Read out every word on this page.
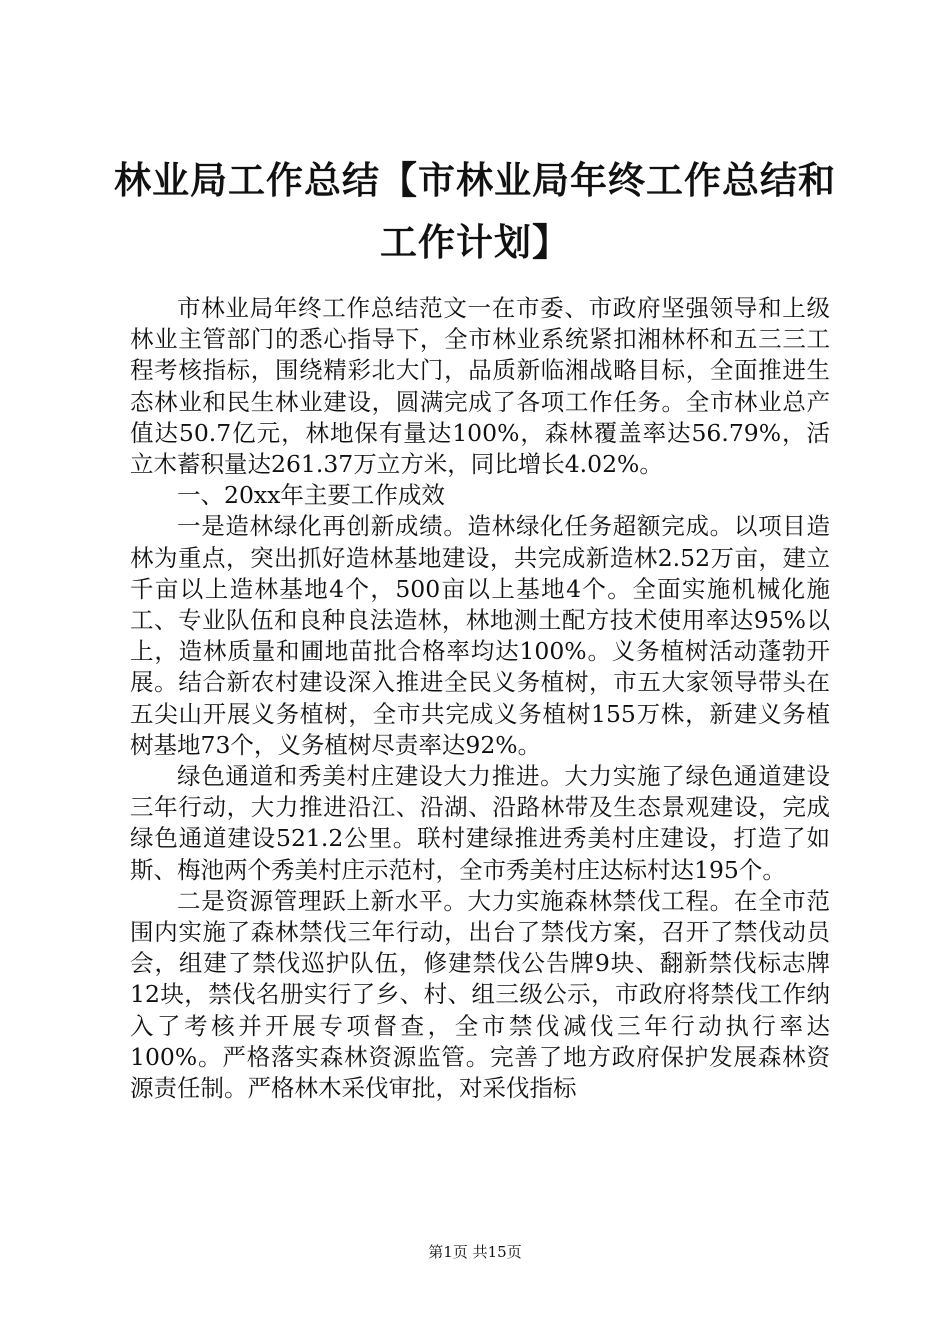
林业局工作总结【市林业局年终工作总结和工作计划】

市林业局年终工作总结范文一在市委、市政府坚强领导和上级林业主管部门的悉心指导下，全市林业系统紧扣湘林杯和五三三工程考核指标，围绕精彩北大门，品质新临湘战略目标，全面推进生态林业和民生林业建设，圆满完成了各项工作任务。全市林业总产值达50.7亿元，林地保有量达100%，森林覆盖率达56.79%，活立木蓄积量达261.37万立方米，同比增长4.02%。

一、20xx年主要工作成效

一是造林绿化再创新成绩。造林绿化任务超额完成。以项目造林为重点，突出抓好造林基地建设，共完成新造林2.52万亩，建立千亩以上造林基地4个，500亩以上基地4个。全面实施机械化施工、专业队伍和良种良法造林，林地测土配方技术使用率达95%以上，造林质量和圃地苗批合格率均达100%。义务植树活动蓬勃开展。结合新农村建设深入推进全民义务植树，市五大家领导带头在五尖山开展义务植树，全市共完成义务植树155万株，新建义务植树基地73个，义务植树尽责率达92%。

绿色通道和秀美村庄建设大力推进。大力实施了绿色通道建设三年行动，大力推进沿江、沿湖、沿路林带及生态景观建设，完成绿色通道建设521.2公里。联村建绿推进秀美村庄建设，打造了如斯、梅池两个秀美村庄示范村，全市秀美村庄达标村达195个。

二是资源管理跃上新水平。大力实施森林禁伐工程。在全市范围内实施了森林禁伐三年行动，出台了禁伐方案，召开了禁伐动员会，组建了禁伐巡护队伍，修建禁伐公告牌9块、翻新禁伐标志牌12块，禁伐名册实行了乡、村、组三级公示，市政府将禁伐工作纳入了考核并开展专项督查，全市禁伐减伐三年行动执行率达100%。严格落实森林资源监管。完善了地方政府保护发展森林资源责任制。严格林木采伐审批，对采伐指标

第1页 共15页
